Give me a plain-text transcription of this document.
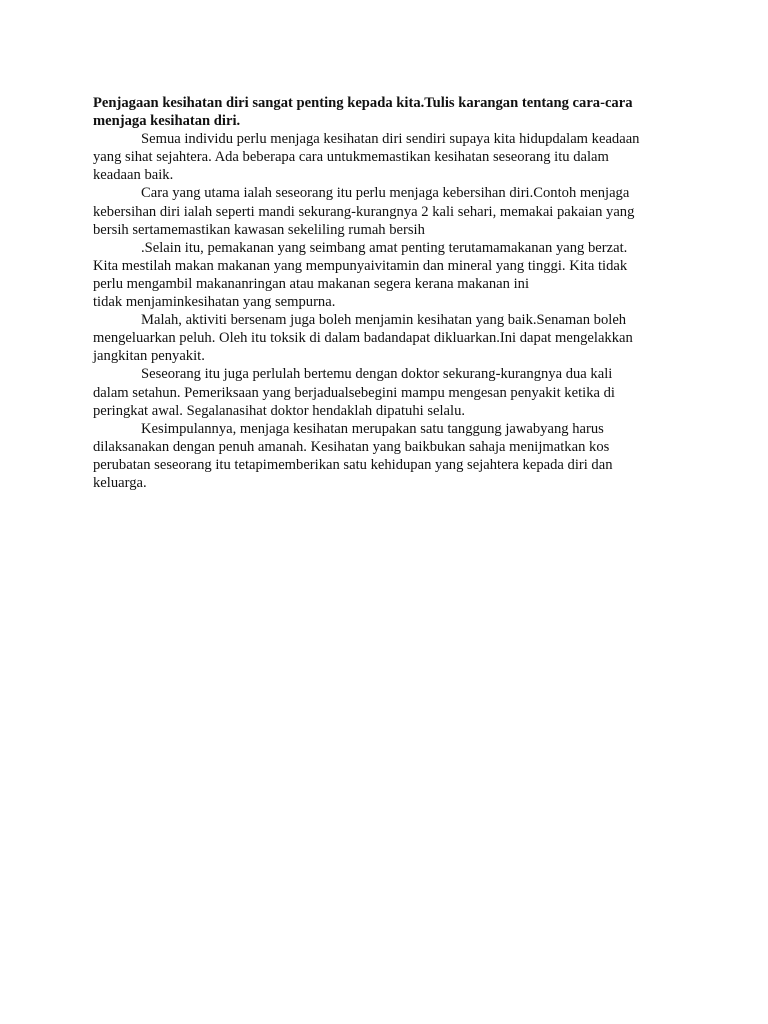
Penjagaan kesihatan diri sangat penting kepada kita.Tulis karangan tentang cara-cara
menjaga kesihatan diri.

Semua individu perlu menjaga kesihatan diri sendiri supaya kita hidupdalam keadaan
yang sihat sejahtera. Ada beberapa cara untukmemastikan kesihatan seseorang itu dalam
keadaan baik.

Cara yang utama ialah seseorang itu perlu menjaga kebersihan diri.Contoh menjaga
kebersihan diri ialah seperti mandi sekurang-kurangnya 2 kali sehari, memakai pakaian yang
bersih sertamemastikan kawasan sekeliling rumah bersih

.Selain itu, pemakanan yang seimbang amat penting terutamamakanan yang berzat.
Kita mestilah makan makanan yang mempunyaivitamin dan mineral yang tinggi. Kita tidak
perlu mengambil makananringan atau makanan segera kerana makanan ini
tidak menjaminkesihatan yang sempurna.

Malah, aktiviti bersenam juga boleh menjamin kesihatan yang baik.Senaman boleh
mengeluarkan peluh. Oleh itu toksik di dalam badandapat dikluarkan.Ini dapat mengelakkan
jangkitan penyakit.

Seseorang itu juga perlulah bertemu dengan doktor sekurang-kurangnya dua kali
dalam setahun. Pemeriksaan yang berjadualsebegini mampu mengesan penyakit ketika di
peringkat awal. Segalanasihat doktor hendaklah dipatuhi selalu.

Kesimpulannya, menjaga kesihatan merupakan satu tanggung jawabyang harus
dilaksanakan dengan penuh amanah. Kesihatan yang baikbukan sahaja menijmatkan kos
perubatan seseorang itu tetapimemberikan satu kehidupan yang sejahtera kepada diri dan
keluarga.
